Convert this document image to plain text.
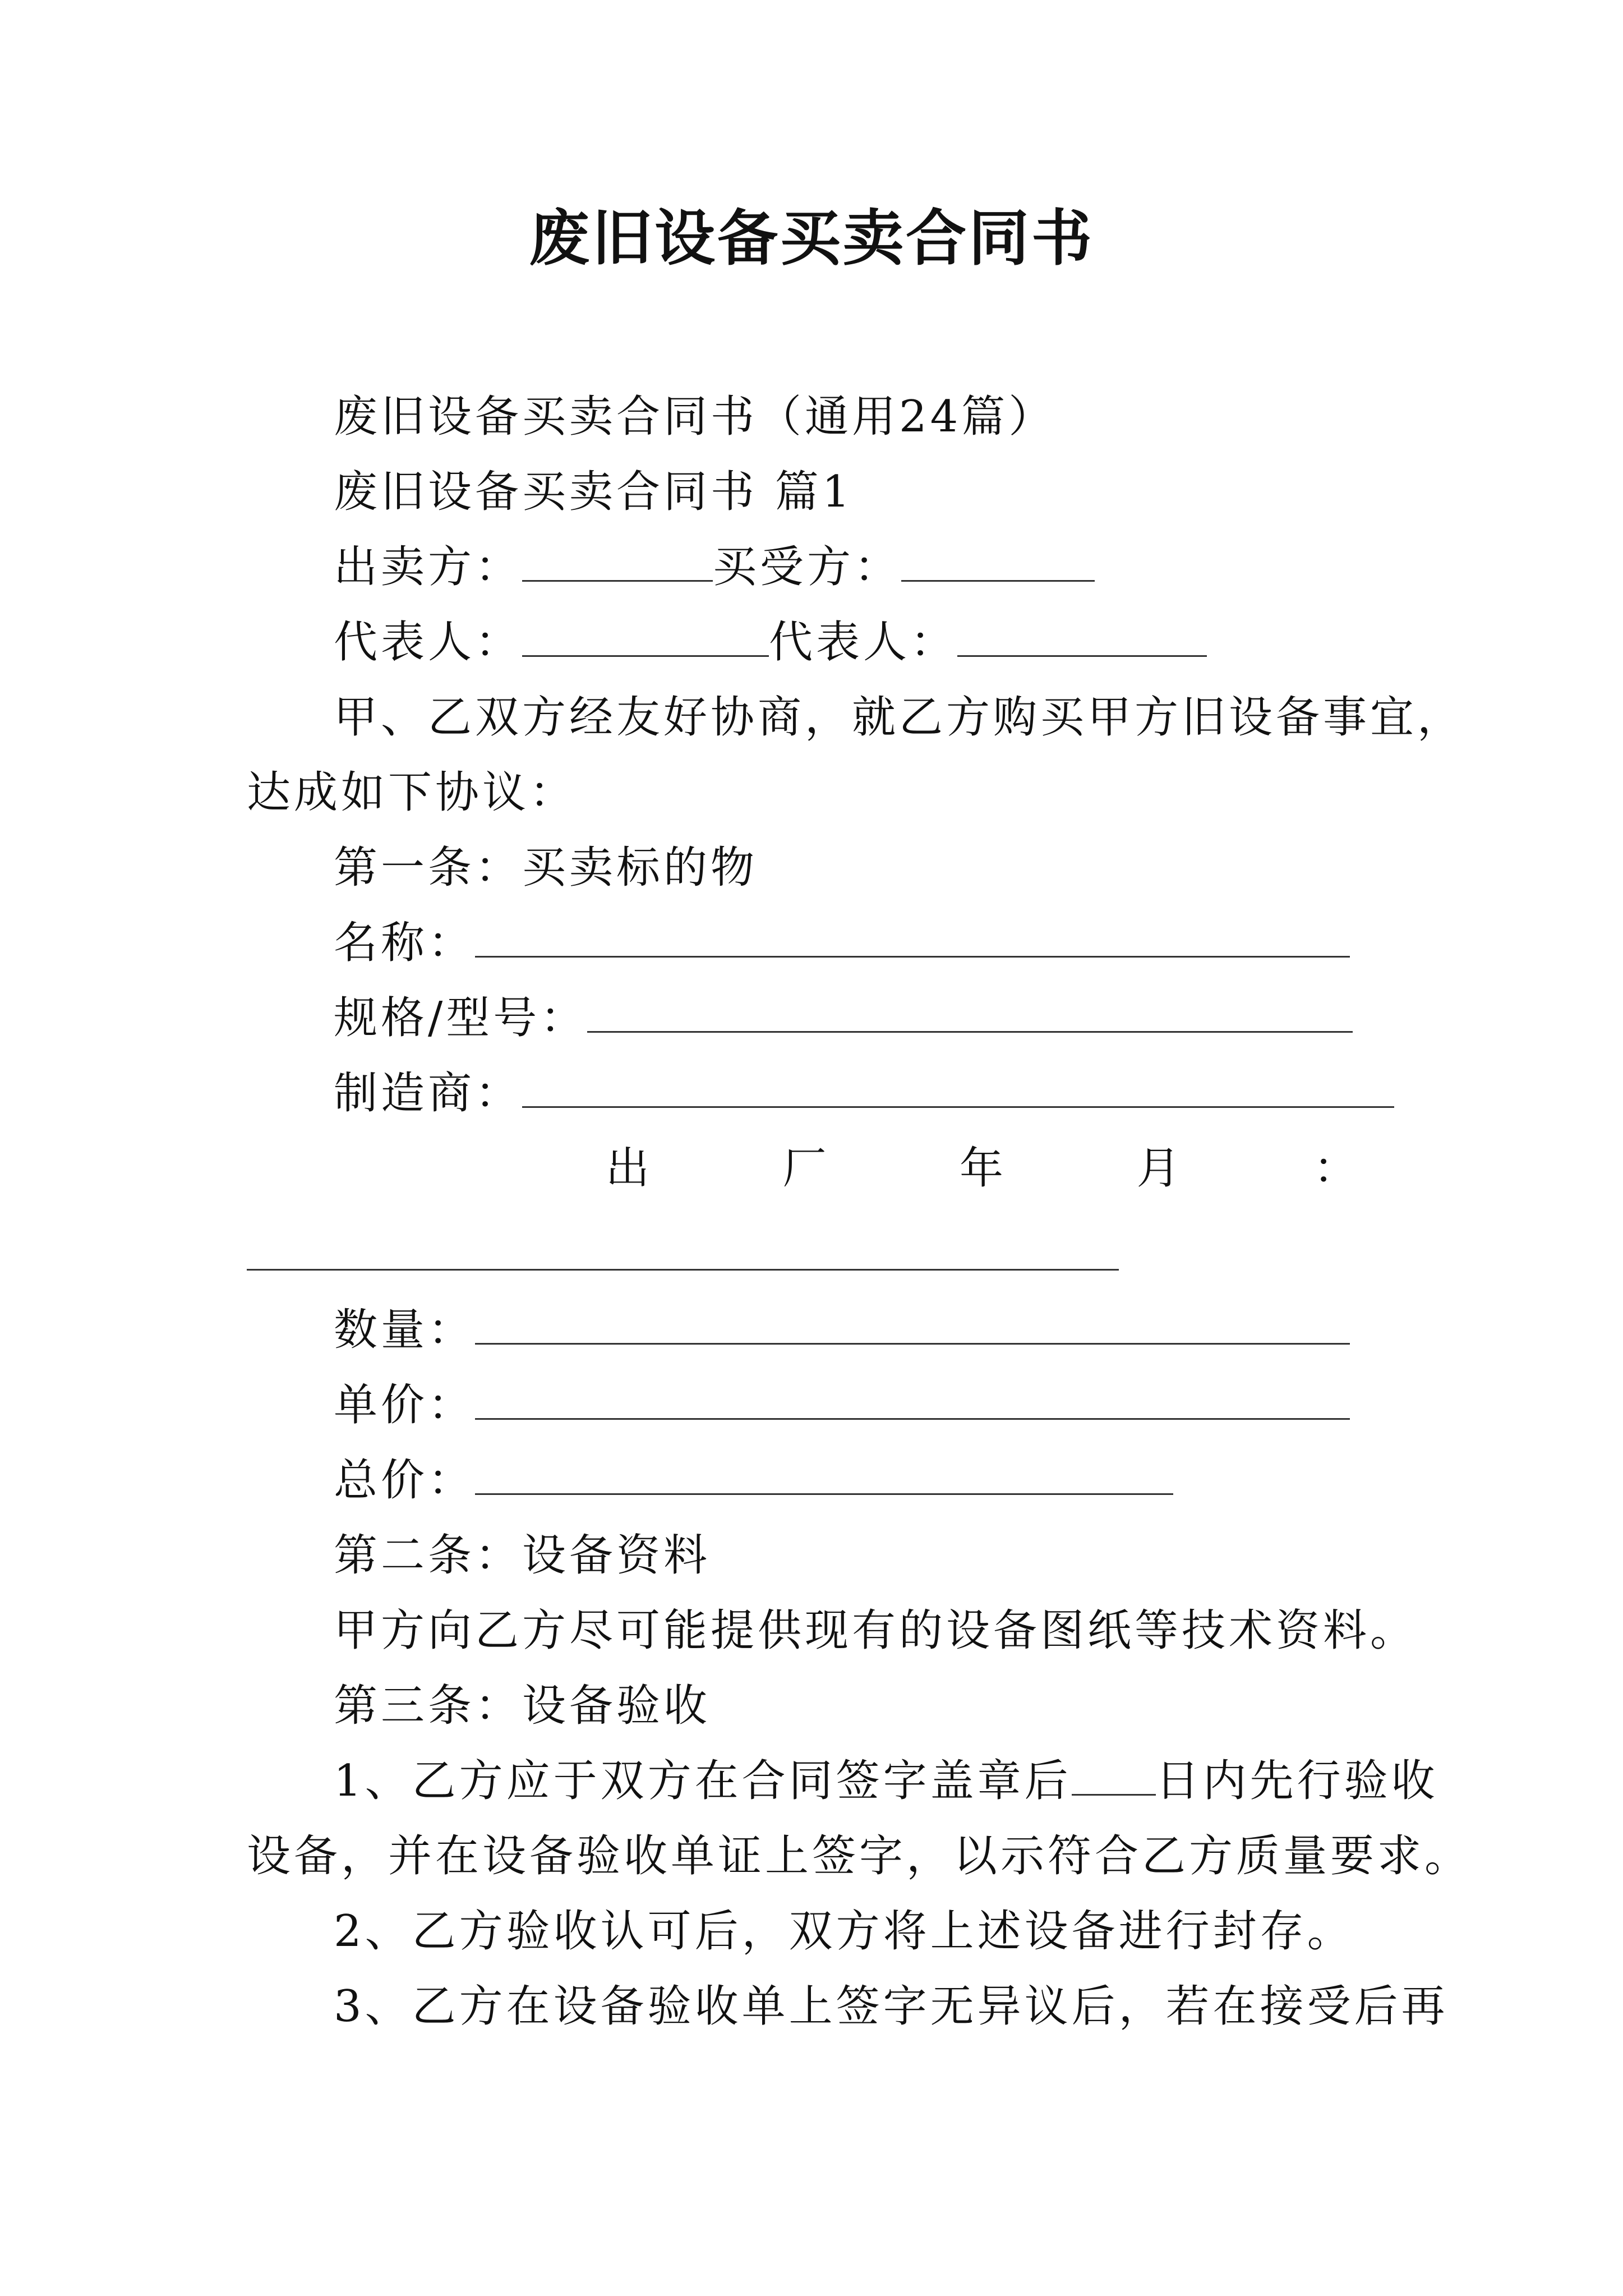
废旧设备买卖合同书
废旧设备买卖合同书（通用24篇）
废旧设备买卖合同书 篇1
出卖方：	买受方：
代表人：	代表人：
甲、乙双方经友好协商，就乙方购买甲方旧设备事宜，
达成如下协议：
第一条：买卖标的物
名称：
规格/型号：
制造商：
出	厂	年	月	：
数量：
单价：
总价：
第二条：设备资料
甲方向乙方尽可能提供现有的设备图纸等技术资料。
第三条：设备验收
1、乙方应于双方在合同签字盖章后 日内先行验收
设备，并在设备验收单证上签字，以示符合乙方质量要求。
2、乙方验收认可后，双方将上述设备进行封存。
3、乙方在设备验收单上签字无异议后，若在接受后再
